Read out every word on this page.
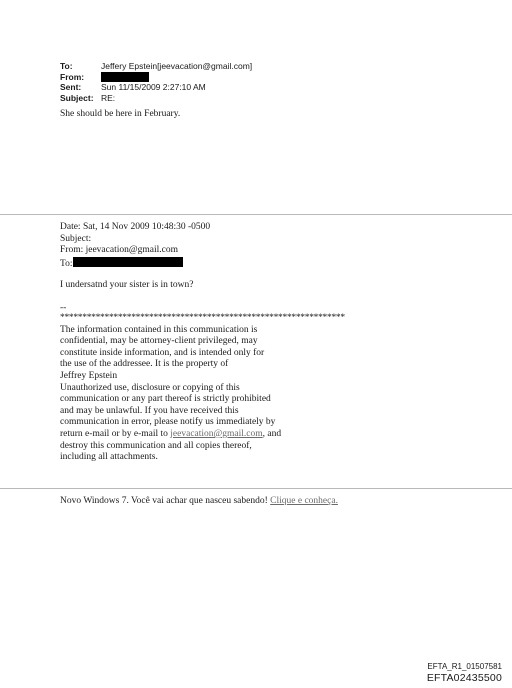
To:	Jeffery Epstein[jeevacation@gmail.com]
From:
Sent:	Sun 11/15/2009 2:27:10 AM
Subject: RE:
She should be here in February.
Date: Sat, 14 Nov 2009 10:48:30 -0500
Subject:
From: jeevacation@gmail.com
To:
I undersatnd your sister is in town?
--
****************************************************************
The information contained in this communication is
confidential, may be attorney-client privileged, may
constitute inside information, and is intended only for
the use of the addressee. It is the property of
Jeffrey Epstein
Unauthorized use, disclosure or copying of this
communication or any part thereof is strictly prohibited
and may be unlawful. If you have received this
communication in error, please notify us immediately by
return e-mail or by e-mail to jeevacation@gmail.com, and
destroy this communication and all copies thereof,
including all attachments.
Novo Windows 7. Você vai achar que nasceu sabendo! Clique e conheça.
EFTA_R1_01507581
EFTA02435500
